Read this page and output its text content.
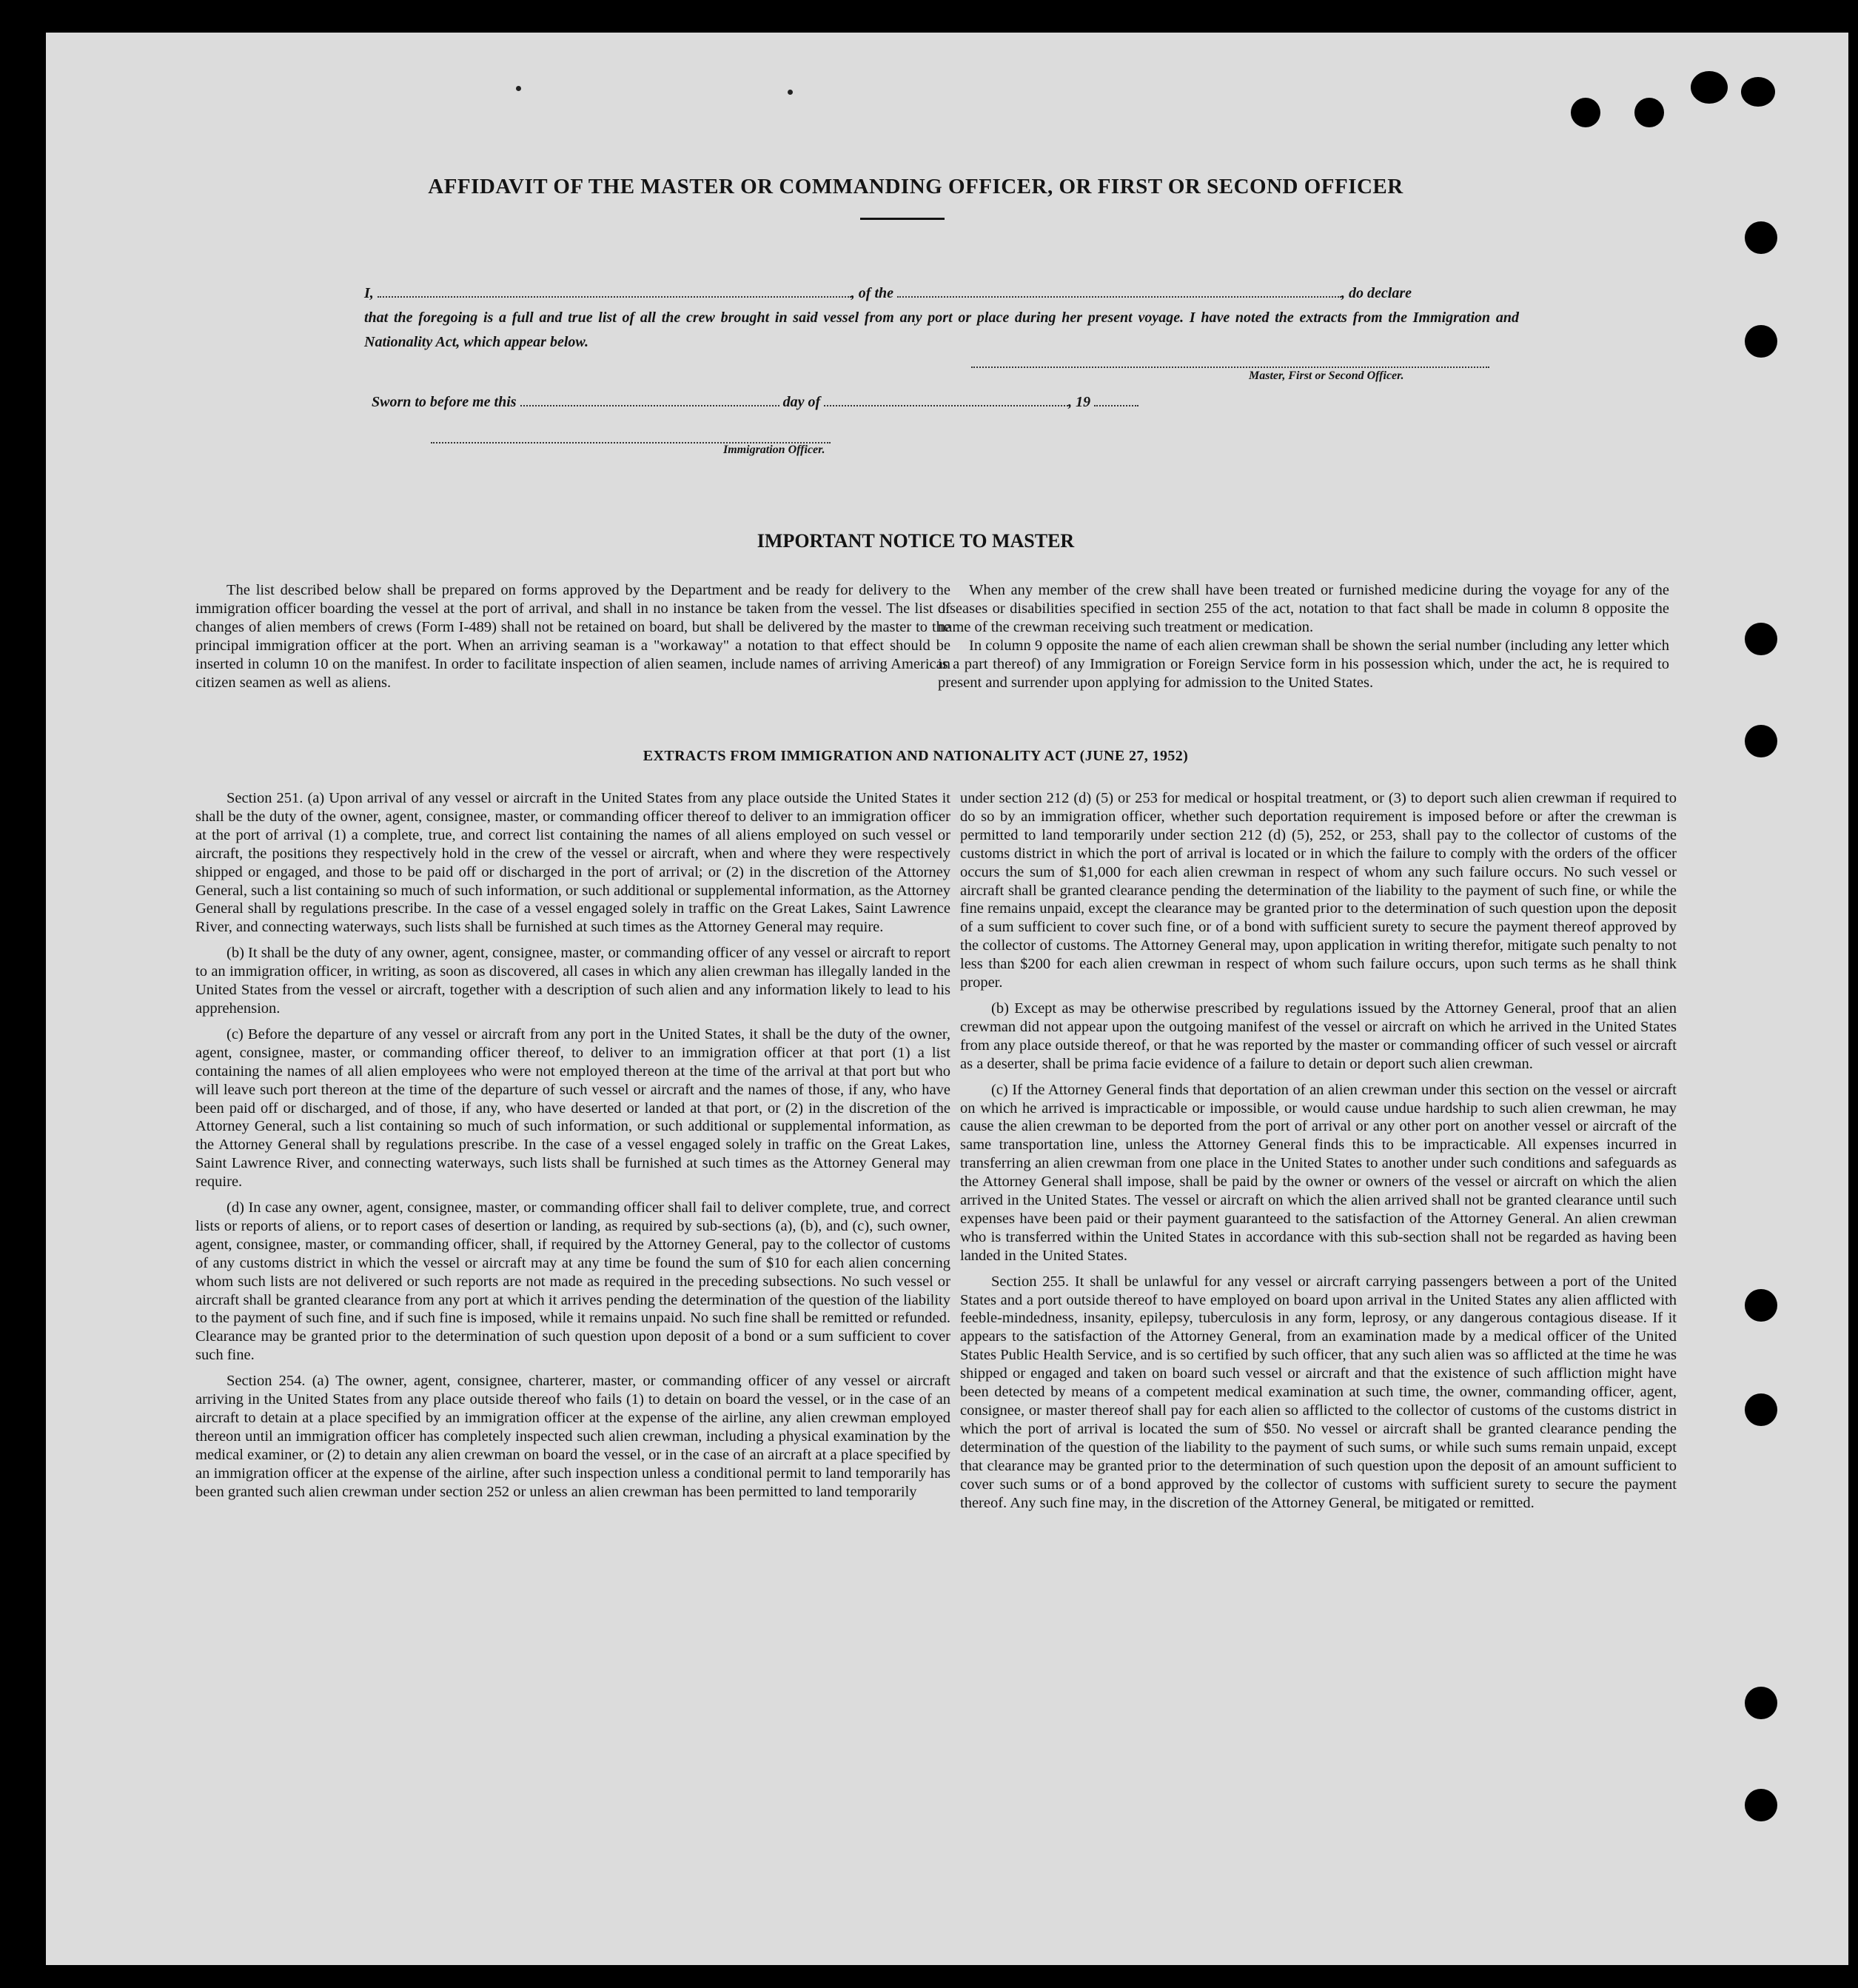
AFFIDAVIT OF THE MASTER OR COMMANDING OFFICER, OR FIRST OR SECOND OFFICER
I,	, of the	, do declare
that the foregoing is a full and true list of all the crew brought in said vessel from any port or place during her present voyage. I have noted the extracts from the Immigration and Nationality Act, which appear below.
Master, First or Second Officer.
Sworn to before me this	day of	, 19
Immigration Officer.
IMPORTANT NOTICE TO MASTER

The list described below shall be prepared on forms approved by the Department and be ready for delivery to the immigration officer boarding the vessel at the port of arrival, and shall in no instance be taken from the vessel. The list of changes of alien members of crews (Form I-489) shall not be retained on board, but shall be delivered by the master to the principal immigration officer at the port. When an arriving seaman is a "workaway" a notation to that effect should be inserted in column 10 on the manifest. In order to facilitate inspection of alien seamen, include names of arriving American citizen seamen as well as aliens.

When any member of the crew shall have been treated or furnished medicine during the voyage for any of the diseases or disabilities specified in section 255 of the act, notation to that fact shall be made in column 8 opposite the name of the crewman receiving such treatment or medication.

In column 9 opposite the name of each alien crewman shall be shown the serial number (including any letter which is a part thereof) of any Immigration or Foreign Service form in his possession which, under the act, he is required to present and surrender upon applying for admission to the United States.

EXTRACTS FROM IMMIGRATION AND NATIONALITY ACT (JUNE 27, 1952)

Section 251. (a) Upon arrival of any vessel or aircraft in the United States from any place outside the United States it shall be the duty of the owner, agent, consignee, master, or commanding officer thereof to deliver to an immigration officer at the port of arrival (1) a complete, true, and correct list containing the names of all aliens employed on such vessel or aircraft, the positions they respectively hold in the crew of the vessel or aircraft, when and where they were respectively shipped or engaged, and those to be paid off or discharged in the port of arrival; or (2) in the discretion of the Attorney General, such a list containing so much of such information, or such additional or supplemental information, as the Attorney General shall by regulations prescribe. In the case of a vessel engaged solely in traffic on the Great Lakes, Saint Lawrence River, and connecting waterways, such lists shall be furnished at such times as the Attorney General may require.

(b) It shall be the duty of any owner, agent, consignee, master, or commanding officer of any vessel or aircraft to report to an immigration officer, in writing, as soon as discovered, all cases in which any alien crewman has illegally landed in the United States from the vessel or aircraft, together with a description of such alien and any information likely to lead to his apprehension.

(c) Before the departure of any vessel or aircraft from any port in the United States, it shall be the duty of the owner, agent, consignee, master, or commanding officer thereof, to deliver to an immigration officer at that port (1) a list containing the names of all alien employees who were not employed thereon at the time of the arrival at that port but who will leave such port thereon at the time of the departure of such vessel or aircraft and the names of those, if any, who have been paid off or discharged, and of those, if any, who have deserted or landed at that port, or (2) in the discretion of the Attorney General, such a list containing so much of such information, or such additional or supplemental information, as the Attorney General shall by regulations prescribe. In the case of a vessel engaged solely in traffic on the Great Lakes, Saint Lawrence River, and connecting waterways, such lists shall be furnished at such times as the Attorney General may require.

(d) In case any owner, agent, consignee, master, or commanding officer shall fail to deliver complete, true, and correct lists or reports of aliens, or to report cases of desertion or landing, as required by sub-sections (a), (b), and (c), such owner, agent, consignee, master, or commanding officer, shall, if required by the Attorney General, pay to the collector of customs of any customs district in which the vessel or aircraft may at any time be found the sum of $10 for each alien concerning whom such lists are not delivered or such reports are not made as required in the preceding subsections. No such vessel or aircraft shall be granted clearance from any port at which it arrives pending the determination of the question of the liability to the payment of such fine, and if such fine is imposed, while it remains unpaid. No such fine shall be remitted or refunded. Clearance may be granted prior to the determination of such question upon deposit of a bond or a sum sufficient to cover such fine.

Section 254. (a) The owner, agent, consignee, charterer, master, or commanding officer of any vessel or aircraft arriving in the United States from any place outside thereof who fails (1) to detain on board the vessel, or in the case of an aircraft to detain at a place specified by an immigration officer at the expense of the airline, any alien crewman employed thereon until an immigration officer has completely inspected such alien crewman, including a physical examination by the medical examiner, or (2) to detain any alien crewman on board the vessel, or in the case of an aircraft at a place specified by an immigration officer at the expense of the airline, after such inspection unless a conditional permit to land temporarily has been granted such alien crewman under section 252 or unless an alien crewman has been permitted to land temporarily

under section 212 (d) (5) or 253 for medical or hospital treatment, or (3) to deport such alien crewman if required to do so by an immigration officer, whether such deportation requirement is imposed before or after the crewman is permitted to land temporarily under section 212 (d) (5), 252, or 253, shall pay to the collector of customs of the customs district in which the port of arrival is located or in which the failure to comply with the orders of the officer occurs the sum of $1,000 for each alien crewman in respect of whom any such failure occurs. No such vessel or aircraft shall be granted clearance pending the determination of the liability to the payment of such fine, or while the fine remains unpaid, except the clearance may be granted prior to the determination of such question upon the deposit of a sum sufficient to cover such fine, or of a bond with sufficient surety to secure the payment thereof approved by the collector of customs. The Attorney General may, upon application in writing therefor, mitigate such penalty to not less than $200 for each alien crewman in respect of whom such failure occurs, upon such terms as he shall think proper.

(b) Except as may be otherwise prescribed by regulations issued by the Attorney General, proof that an alien crewman did not appear upon the outgoing manifest of the vessel or aircraft on which he arrived in the United States from any place outside thereof, or that he was reported by the master or commanding officer of such vessel or aircraft as a deserter, shall be prima facie evidence of a failure to detain or deport such alien crewman.

(c) If the Attorney General finds that deportation of an alien crewman under this section on the vessel or aircraft on which he arrived is impracticable or impossible, or would cause undue hardship to such alien crewman, he may cause the alien crewman to be deported from the port of arrival or any other port on another vessel or aircraft of the same transportation line, unless the Attorney General finds this to be impracticable. All expenses incurred in transferring an alien crewman from one place in the United States to another under such conditions and safeguards as the Attorney General shall impose, shall be paid by the owner or owners of the vessel or aircraft on which the alien arrived in the United States. The vessel or aircraft on which the alien arrived shall not be granted clearance until such expenses have been paid or their payment guaranteed to the satisfaction of the Attorney General. An alien crewman who is transferred within the United States in accordance with this sub-section shall not be regarded as having been landed in the United States.

Section 255. It shall be unlawful for any vessel or aircraft carrying passengers between a port of the United States and a port outside thereof to have employed on board upon arrival in the United States any alien afflicted with feeble-mindedness, insanity, epilepsy, tuberculosis in any form, leprosy, or any dangerous contagious disease. If it appears to the satisfaction of the Attorney General, from an examination made by a medical officer of the United States Public Health Service, and is so certified by such officer, that any such alien was so afflicted at the time he was shipped or engaged and taken on board such vessel or aircraft and that the existence of such affliction might have been detected by means of a competent medical examination at such time, the owner, commanding officer, agent, consignee, or master thereof shall pay for each alien so afflicted to the collector of customs of the customs district in which the port of arrival is located the sum of $50. No vessel or aircraft shall be granted clearance pending the determination of the question of the liability to the payment of such sums, or while such sums remain unpaid, except that clearance may be granted prior to the determination of such question upon the deposit of an amount sufficient to cover such sums or of a bond approved by the collector of customs with sufficient surety to secure the payment thereof. Any such fine may, in the discretion of the Attorney General, be mitigated or remitted.
